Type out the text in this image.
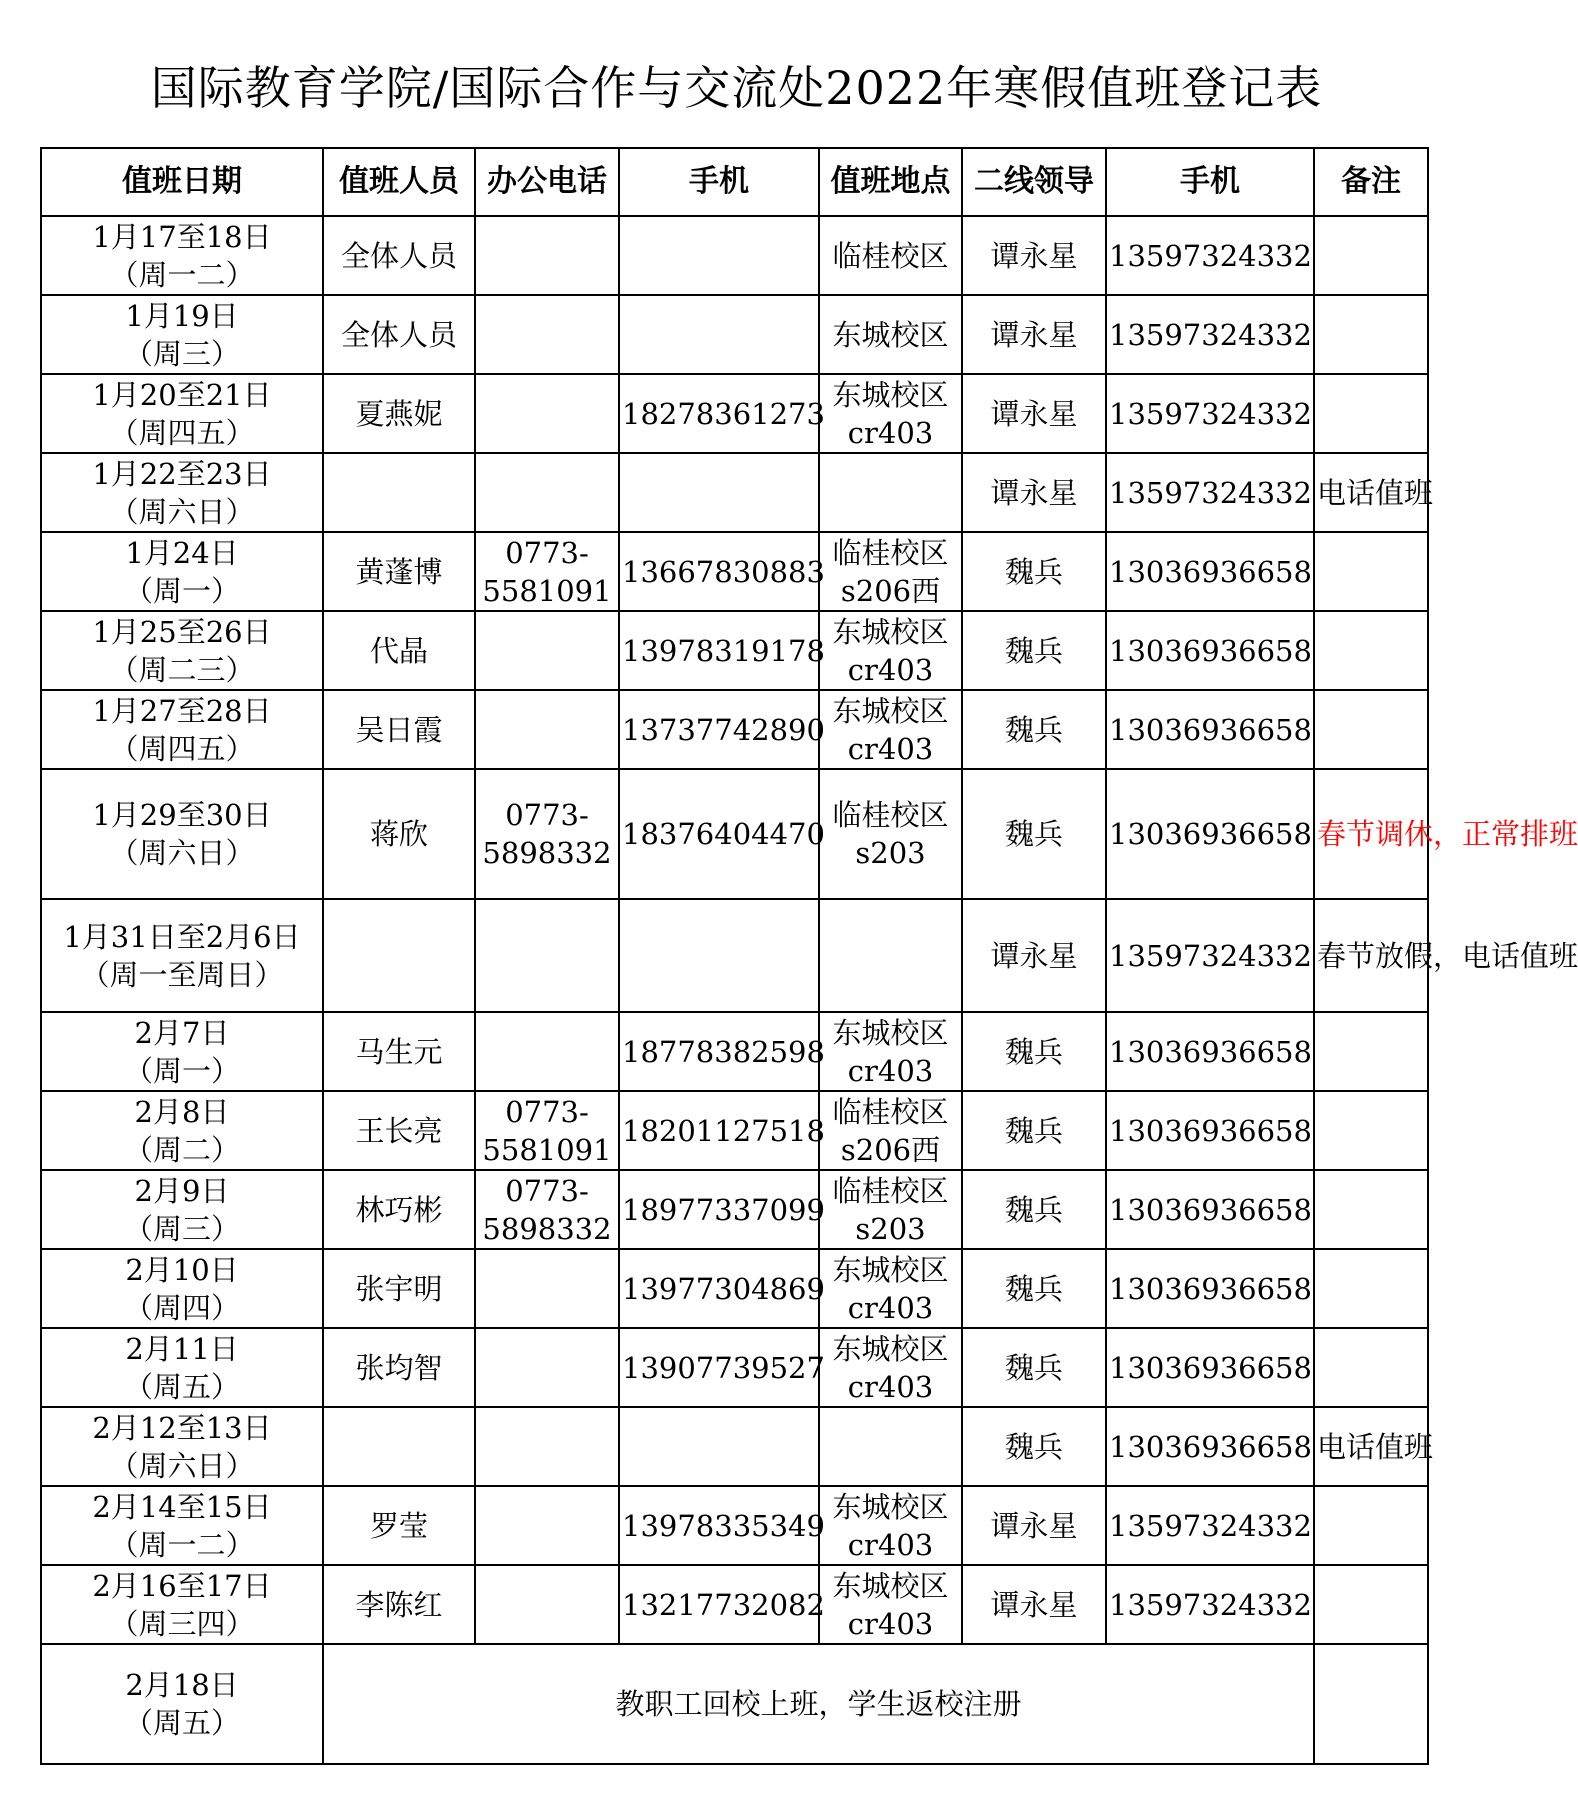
国际教育学院/国际合作与交流处2022年寒假值班登记表
值班日期	值班人员	办公电话	手机	值班地点	二线领导	手机	备注

1月17至18日
（周一二）	全体人员			临桂校区	谭永星	13597324332	

1月19日
（周三）	全体人员			东城校区	谭永星	13597324332	

1月20至21日
（周四五）	夏燕妮		18278361273	东城校区
cr403	谭永星	13597324332	

1月22至23日
（周六日）					谭永星	13597324332	电话值班

1月24日
（周一）	黄蓬博	0773-
5581091	13667830883	临桂校区
s206西	魏兵	13036936658	

1月25至26日
（周二三）	代晶		13978319178	东城校区
cr403	魏兵	13036936658	

1月27至28日
（周四五）	吴日霞		13737742890	东城校区
cr403	魏兵	13036936658	

1月29至30日
（周六日）	蒋欣	0773-
5898332	18376404470	临桂校区
s203	魏兵	13036936658	春节调休，正常排班

1月31日至2月6日
（周一至周日）					谭永星	13597324332	春节放假，电话值班

2月7日
（周一）	马生元		18778382598	东城校区
cr403	魏兵	13036936658	

2月8日
（周二）	王长亮	0773-
5581091	18201127518	临桂校区
s206西	魏兵	13036936658	

2月9日
（周三）	林巧彬	0773-
5898332	18977337099	临桂校区
s203	魏兵	13036936658	

2月10日
（周四）	张宇明		13977304869	东城校区
cr403	魏兵	13036936658	

2月11日
（周五）	张均智		13907739527	东城校区
cr403	魏兵	13036936658	

2月12至13日
（周六日）					魏兵	13036936658	电话值班

2月14至15日
（周一二）	罗莹		13978335349	东城校区
cr403	谭永星	13597324332	

2月16至17日
（周三四）	李陈红		13217732082	东城校区
cr403	谭永星	13597324332	

2月18日
（周五）	教职工回校上班，学生返校注册						
